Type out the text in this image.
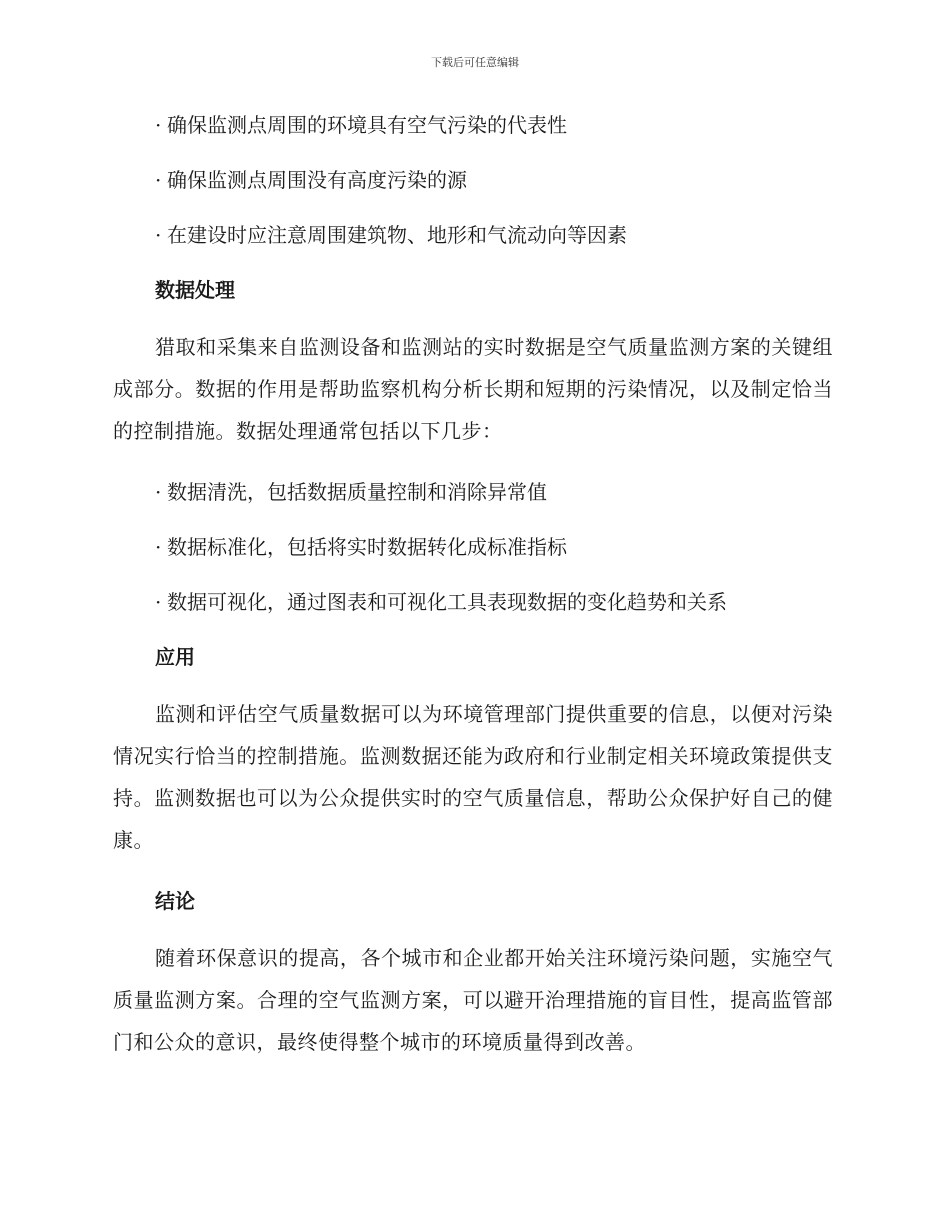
下载后可任意编辑
· 确保监测点周围的环境具有空气污染的代表性
· 确保监测点周围没有高度污染的源
· 在建设时应注意周围建筑物、地形和气流动向等因素
数据处理
猎取和采集来自监测设备和监测站的实时数据是空气质量监测方案的关键组成部分。数据的作用是帮助监察机构分析长期和短期的污染情况，以及制定恰当的控制措施。数据处理通常包括以下几步：
· 数据清洗，包括数据质量控制和消除异常值
· 数据标准化，包括将实时数据转化成标准指标
· 数据可视化，通过图表和可视化工具表现数据的变化趋势和关系
应用
监测和评估空气质量数据可以为环境管理部门提供重要的信息，以便对污染情况实行恰当的控制措施。监测数据还能为政府和行业制定相关环境政策提供支持。监测数据也可以为公众提供实时的空气质量信息，帮助公众保护好自己的健康。
结论
随着环保意识的提高，各个城市和企业都开始关注环境污染问题，实施空气质量监测方案。合理的空气监测方案，可以避开治理措施的盲目性，提高监管部门和公众的意识，最终使得整个城市的环境质量得到改善。
